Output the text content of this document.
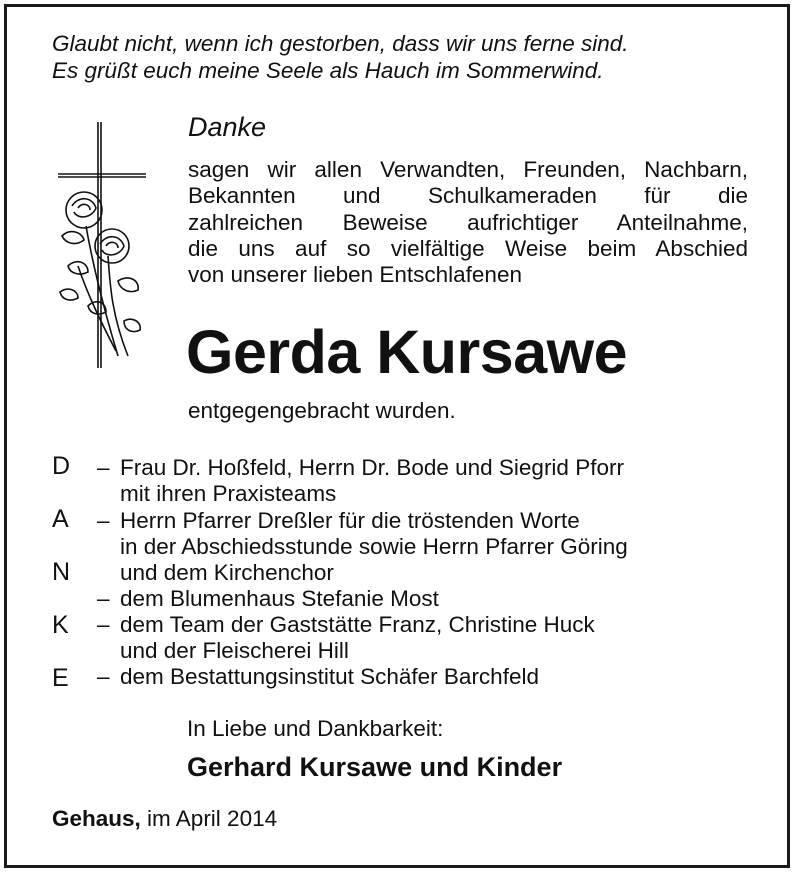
Glaubt nicht, wenn ich gestorben, dass wir uns ferne sind.
Es grüßt euch meine Seele als Hauch im Sommerwind.
Danke
sagen wir allen Verwandten, Freunden, Nachbarn,
Bekannten und Schulkameraden für die
zahlreichen Beweise aufrichtiger Anteilnahme,
die uns auf so vielfältige Weise beim Abschied
von unserer lieben Entschlafenen
Gerda Kursawe
entgegengebracht wurden.
D
A
N
K
E
–
–
–
–
–
Frau Dr. Hoßfeld, Herrn Dr. Bode und Siegrid Pforr
mit ihren Praxisteams
Herrn Pfarrer Dreßler für die tröstenden Worte
in der Abschiedsstunde sowie Herrn Pfarrer Göring
und dem Kirchenchor
dem Blumenhaus Stefanie Most
dem Team der Gaststätte Franz, Christine Huck
und der Fleischerei Hill
dem Bestattungsinstitut Schäfer Barchfeld
In Liebe und Dankbarkeit:
Gerhard Kursawe und Kinder
Gehaus, im April 2014
